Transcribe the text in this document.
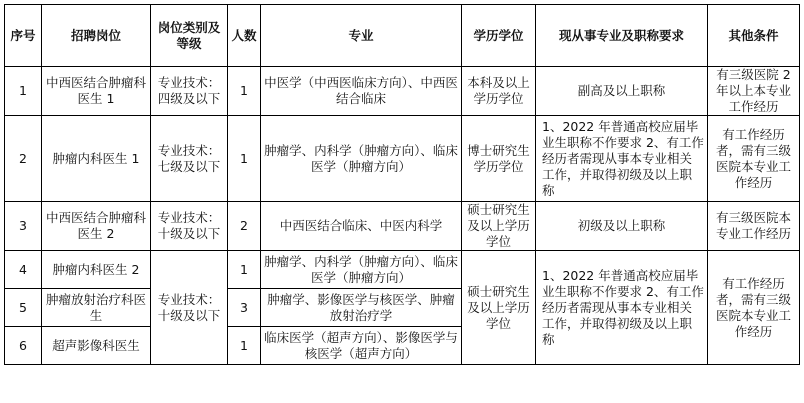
序号	招聘岗位	岗位类别及等级	人数	专业	学历学位	现从事专业及职称要求	其他条件
1	中西医结合肿瘤科医生 1	专业技术：四级及以下	1	中医学（中西医临床方向）、中西医结合临床	本科及以上学历学位	副高及以上职称	有三级医院 2 年以上本专业工作经历
2	肿瘤内科医生 1	专业技术：七级及以下	1	肿瘤学、内科学（肿瘤方向）、临床医学（肿瘤方向）	博士研究生学历学位	1、2022 年普通高校应届毕业生职称不作要求 2、有工作经历者需现从事本专业相关工作，并取得初级及以上职称	有工作经历者，需有三级医院本专业工作经历
3	中西医结合肿瘤科医生 2	专业技术：十级及以下	2	中西医结合临床、中医内科学	硕士研究生及以上学历学位	初级及以上职称	有三级医院本专业工作经历
4	肿瘤内科医生 2	专业技术：十级及以下	1	肿瘤学、内科学（肿瘤方向）、临床医学（肿瘤方向）	硕士研究生及以上学历学位	1、2022 年普通高校应届毕业生职称不作要求 2、有工作经历者需现从事本专业相关工作，并取得初级及以上职称	有工作经历者，需有三级医院本专业工作经历
5	肿瘤放射治疗科医生		3	肿瘤学、影像医学与核医学、肿瘤放射治疗学			
6	超声影像科医生		1	临床医学（超声方向）、影像医学与核医学（超声方向）			
